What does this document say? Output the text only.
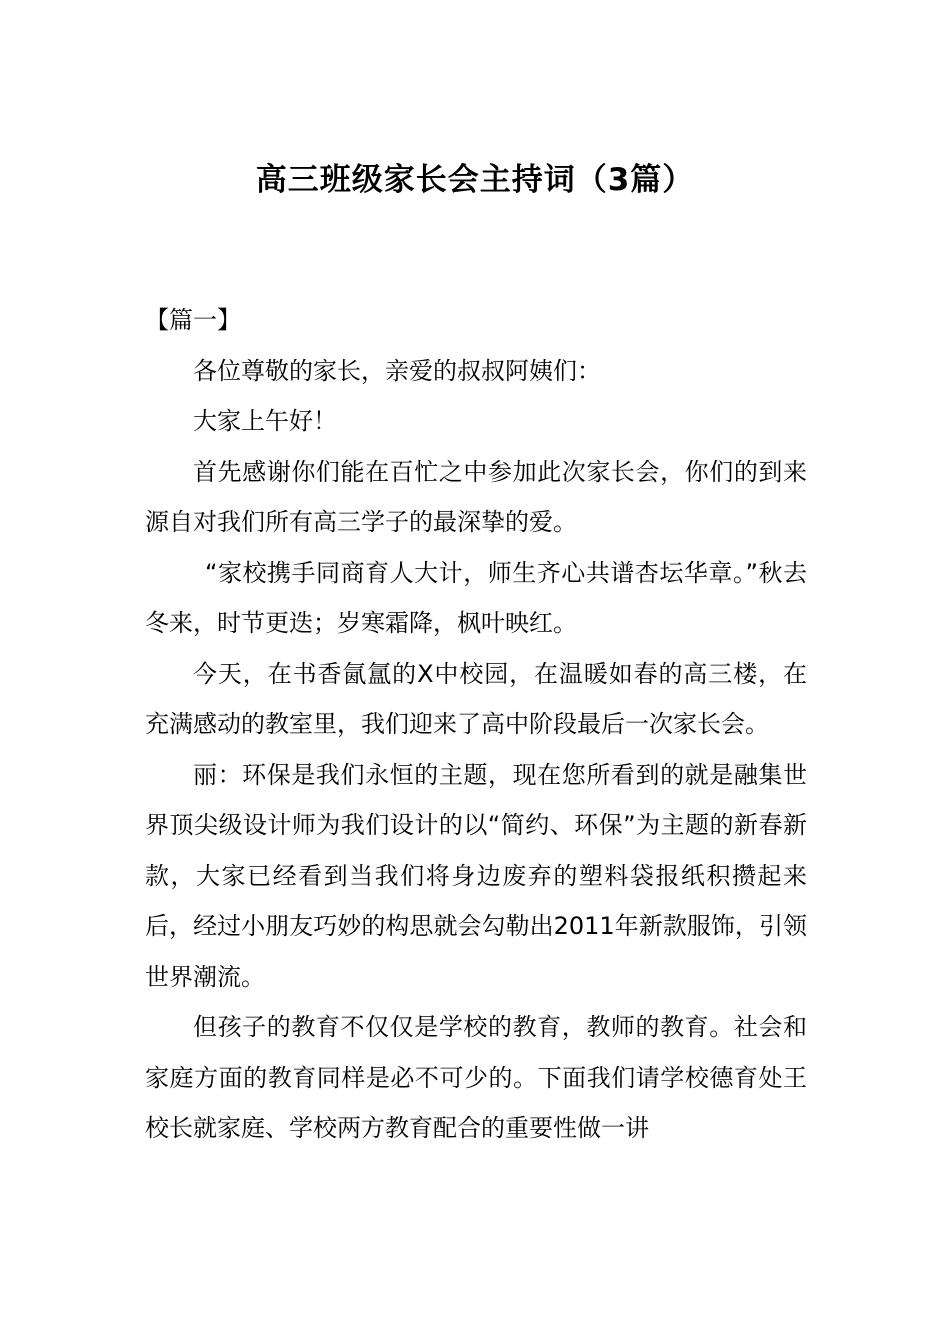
高三班级家长会主持词（3篇）

【篇一】

各位尊敬的家长，亲爱的叔叔阿姨们：

大家上午好！

首先感谢你们能在百忙之中参加此次家长会，你们的到来源自对我们所有高三学子的最深挚的爱。

“家校携手同商育人大计，师生齐心共谱杏坛华章。”秋去冬来，时节更迭；岁寒霜降，枫叶映红。

今天，在书香氤氲的X中校园，在温暖如春的高三楼，在充满感动的教室里，我们迎来了高中阶段最后一次家长会。

丽：环保是我们永恒的主题，现在您所看到的就是融集世界顶尖级设计师为我们设计的以“简约、环保”为主题的新春新款，大家已经看到当我们将身边废弃的塑料袋报纸积攒起来后，经过小朋友巧妙的构思就会勾勒出2011年新款服饰，引领世界潮流。

但孩子的教育不仅仅是学校的教育，教师的教育。社会和家庭方面的教育同样是必不可少的。下面我们请学校德育处王校长就家庭、学校两方教育配合的重要性做一讲
